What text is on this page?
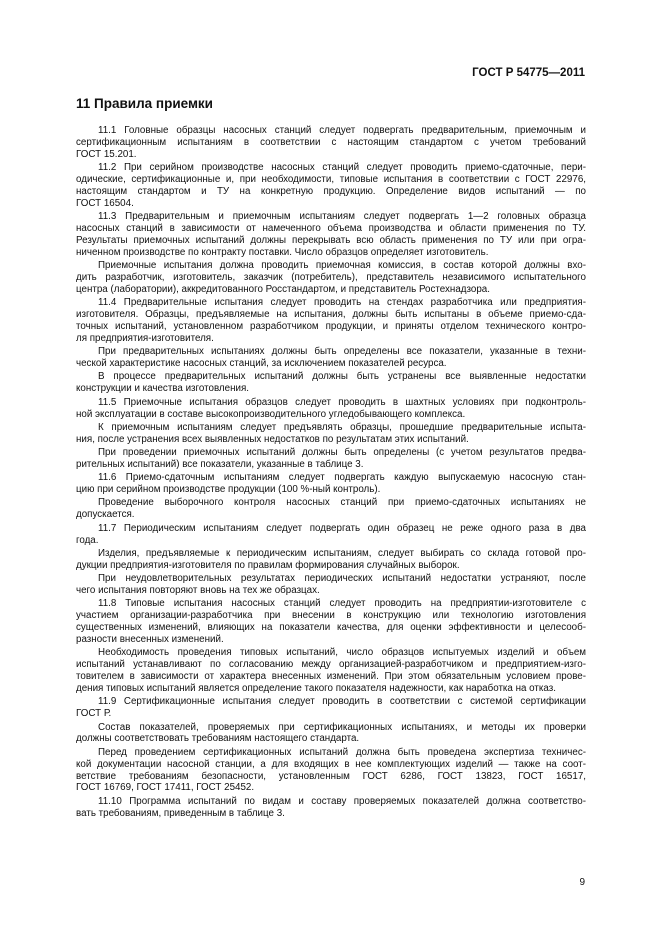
ГОСТ Р 54775—2011
11 Правила приемки

11.1 Головные образцы насосных станций следует подвергать предварительным, приемочным и
сертификационным испытаниям в соответствии с настоящим стандартом с учетом требований
ГОСТ 15.201.

11.2 При серийном производстве насосных станций следует проводить приемо-сдаточные, пери-
одические, сертификационные и, при необходимости, типовые испытания в соответствии с ГОСТ 22976,
настоящим стандартом и ТУ на конкретную продукцию. Определение видов испытаний — по
ГОСТ 16504.

11.3 Предварительным и приемочным испытаниям следует подвергать 1—2 головных образца
насосных станций в зависимости от намеченного объема производства и области применения по ТУ.
Результаты приемочных испытаний должны перекрывать всю область применения по ТУ или при огра-
ниченном производстве по контракту поставки. Число образцов определяет изготовитель.

Приемочные испытания должна проводить приемочная комиссия, в состав которой должны вхо-
дить разработчик, изготовитель, заказчик (потребитель), представитель независимого испытательного
центра (лаборатории), аккредитованного Росстандартом, и представитель Ростехнадзора.

11.4 Предварительные испытания следует проводить на стендах разработчика или предприятия-
изготовителя. Образцы, предъявляемые на испытания, должны быть испытаны в объеме приемо-сда-
точных испытаний, установленном разработчиком продукции, и приняты отделом технического контро-
ля предприятия-изготовителя.

При предварительных испытаниях должны быть определены все показатели, указанные в техни-
ческой характеристике насосных станций, за исключением показателей ресурса.

В процессе предварительных испытаний должны быть устранены все выявленные недостатки
конструкции и качества изготовления.

11.5 Приемочные испытания образцов следует проводить в шахтных условиях при подконтроль-
ной эксплуатации в составе высокопроизводительного угледобывающего комплекса.

К приемочным испытаниям следует предъявлять образцы, прошедшие предварительные испыта-
ния, после устранения всех выявленных недостатков по результатам этих испытаний.

При проведении приемочных испытаний должны быть определены (с учетом результатов предва-
рительных испытаний) все показатели, указанные в таблице 3.

11.6 Приемо-сдаточным испытаниям следует подвергать каждую выпускаемую насосную стан-
цию при серийном производстве продукции (100 %-ный контроль).

Проведение выборочного контроля насосных станций при приемо-сдаточных испытаниях не
допускается.

11.7 Периодическим испытаниям следует подвергать один образец не реже одного раза в два
года.

Изделия, предъявляемые к периодическим испытаниям, следует выбирать со склада готовой про-
дукции предприятия-изготовителя по правилам формирования случайных выборок.

При неудовлетворительных результатах периодических испытаний недостатки устраняют, после
чего испытания повторяют вновь на тех же образцах.

11.8 Типовые испытания насосных станций следует проводить на предприятии-изготовителе с
участием организации-разработчика при внесении в конструкцию или технологию изготовления
существенных изменений, влияющих на показатели качества, для оценки эффективности и целесооб-
разности внесенных изменений.

Необходимость проведения типовых испытаний, число образцов испытуемых изделий и объем
испытаний устанавливают по согласованию между организацией-разработчиком и предприятием-изго-
товителем в зависимости от характера внесенных изменений. При этом обязательным условием прове-
дения типовых испытаний является определение такого показателя надежности, как наработка на отказ.

11.9 Сертификационные испытания следует проводить в соответствии с системой сертификации
ГОСТ Р.

Состав показателей, проверяемых при сертификационных испытаниях, и методы их проверки
должны соответствовать требованиям настоящего стандарта.

Перед проведением сертификационных испытаний должна быть проведена экспертиза техничес-
кой документации насосной станции, а для входящих в нее комплектующих изделий — также на соот-
ветствие требованиям безопасности, установленным ГОСТ 6286, ГОСТ 13823, ГОСТ 16517,
ГОСТ 16769, ГОСТ 17411, ГОСТ 25452.

11.10 Программа испытаний по видам и составу проверяемых показателей должна соответство-
вать требованиям, приведенным в таблице 3.

9
